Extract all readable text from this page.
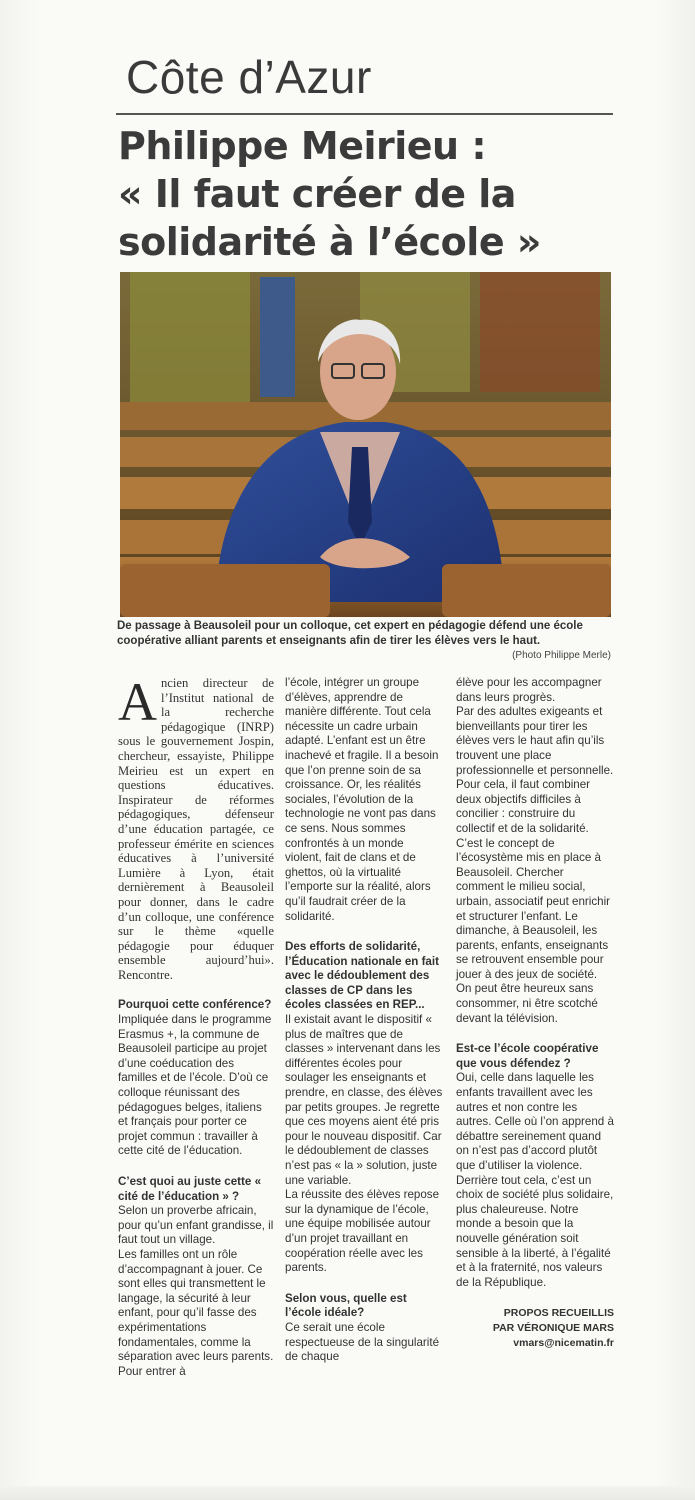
Côte d’Azur
Philippe Meirieu :
« Il faut créer de la
solidarité à l’école »
De passage à Beausoleil pour un colloque, cet expert en pédagogie défend une école coopérative alliant parents et enseignants afin de tirer les élèves vers le haut.
(Photo Philippe Merle)

Ancien directeur de l’Institut national de la recherche pédagogique (INRP) sous le gouvernement Jospin, chercheur, essayiste, Philippe Meirieu est un expert en questions éducatives. Inspirateur de réformes pédagogiques, défenseur d’une éducation partagée, ce professeur émérite en sciences éducatives à l’université Lumière à Lyon, était dernièrement à Beausoleil pour donner, dans le cadre d’un colloque, une conférence sur le thème «quelle pédagogie pour éduquer ensemble aujourd’hui». Rencontre.

Pourquoi cette conférence?

Impliquée dans le programme Erasmus +, la commune de Beausoleil participe au projet d’une coéducation des familles et de l’école. D’où ce colloque réunissant des pédagogues belges, italiens et français pour porter ce projet commun : travailler à cette cité de l’éducation.

C’est quoi au juste cette « cité de l’éducation » ?

Selon un proverbe africain, pour qu’un enfant grandisse, il faut tout un village.

Les familles ont un rôle d’accompagnant à jouer. Ce sont elles qui transmettent le langage, la sécurité à leur enfant, pour qu’il fasse des expérimentations fondamentales, comme la séparation avec leurs parents. Pour entrer à

l’école, intégrer un groupe d’élèves, apprendre de manière différente. Tout cela nécessite un cadre urbain adapté. L’enfant est un être inachevé et fragile. Il a besoin que l’on prenne soin de sa croissance. Or, les réalités sociales, l’évolution de la technologie ne vont pas dans ce sens. Nous sommes confrontés à un monde violent, fait de clans et de ghettos, où la virtualité l’emporte sur la réalité, alors qu’il faudrait créer de la solidarité.

Des efforts de solidarité, l’Éducation nationale en fait avec le dédoublement des classes de CP dans les écoles classées en REP...

Il existait avant le dispositif « plus de maîtres que de classes » intervenant dans les différentes écoles pour soulager les enseignants et prendre, en classe, des élèves par petits groupes. Je regrette que ces moyens aient été pris pour le nouveau dispositif. Car le dédoublement de classes n’est pas « la » solution, juste une variable.

La réussite des élèves repose sur la dynamique de l’école, une équipe mobilisée autour d’un projet travaillant en coopération réelle avec les parents.

Selon vous, quelle est l’école idéale?

Ce serait une école respectueuse de la singularité de chaque

élève pour les accompagner dans leurs progrès.

Par des adultes exigeants et bienveillants pour tirer les élèves vers le haut afin qu’ils trouvent une place professionnelle et personnelle. Pour cela, il faut combiner deux objectifs difficiles à concilier : construire du collectif et de la solidarité.

C’est le concept de l’écosystème mis en place à Beausoleil. Chercher comment le milieu social, urbain, associatif peut enrichir et structurer l’enfant. Le dimanche, à Beausoleil, les parents, enfants, enseignants se retrouvent ensemble pour jouer à des jeux de société.

On peut être heureux sans consommer, ni être scotché devant la télévision.

Est-ce l’école coopérative que vous défendez ?

Oui, celle dans laquelle les enfants travaillent avec les autres et non contre les autres. Celle où l’on apprend à débattre sereinement quand on n’est pas d’accord plutôt que d’utiliser la violence.

Derrière tout cela, c’est un choix de société plus solidaire, plus chaleureuse. Notre monde a besoin que la nouvelle génération soit sensible à la liberté, à l’égalité et à la fraternité, nos valeurs de la République.

PROPOS RECUEILLIS

PAR VÉRONIQUE MARS

vmars@nicematin.fr
